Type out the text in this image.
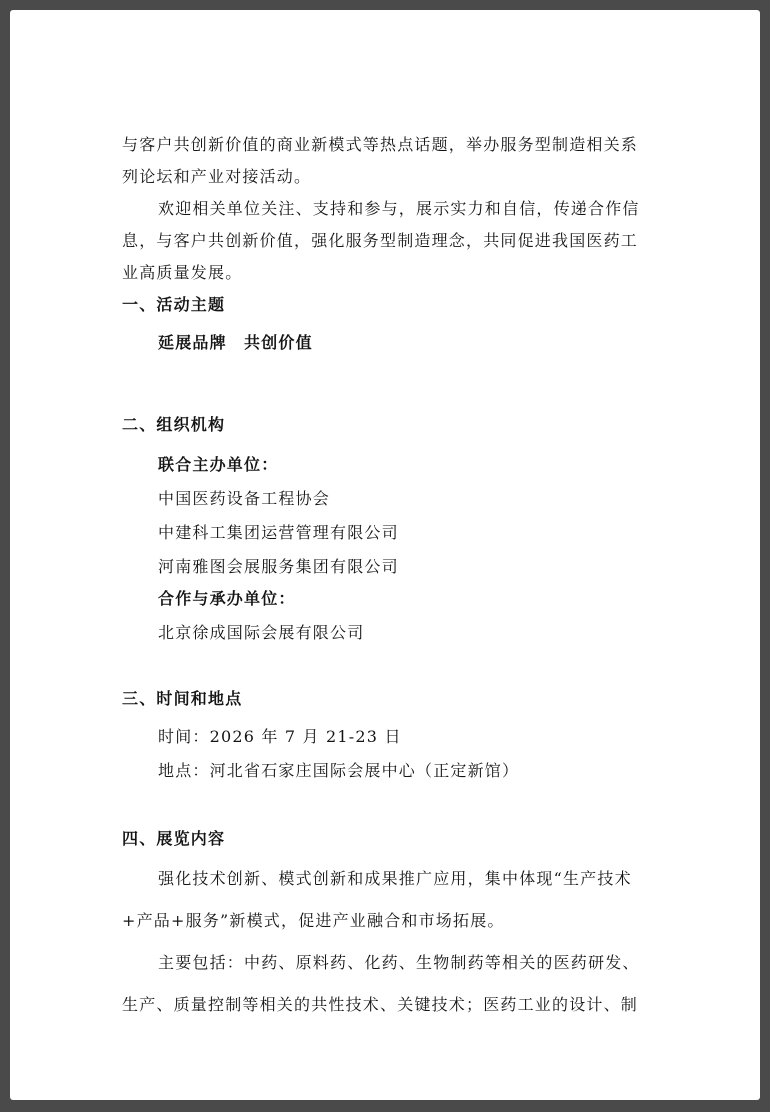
与客户共创新价值的商业新模式等热点话题，举办服务型制造相关系
列论坛和产业对接活动。
欢迎相关单位关注、支持和参与，展示实力和自信，传递合作信
息，与客户共创新价值，强化服务型制造理念，共同促进我国医药工
业高质量发展。
一、活动主题
延展品牌　共创价值
二、组织机构
联合主办单位：
中国医药设备工程协会
中建科工集团运营管理有限公司
河南雅图会展服务集团有限公司
合作与承办单位：
北京徐成国际会展有限公司
三、时间和地点
时间：2026 年 7 月 21-23 日
地点：河北省石家庄国际会展中心（正定新馆）
四、展览内容
强化技术创新、模式创新和成果推广应用，集中体现“生产技术
+产品+服务”新模式，促进产业融合和市场拓展。
主要包括：中药、原料药、化药、生物制药等相关的医药研发、
生产、质量控制等相关的共性技术、关键技术；医药工业的设计、制
